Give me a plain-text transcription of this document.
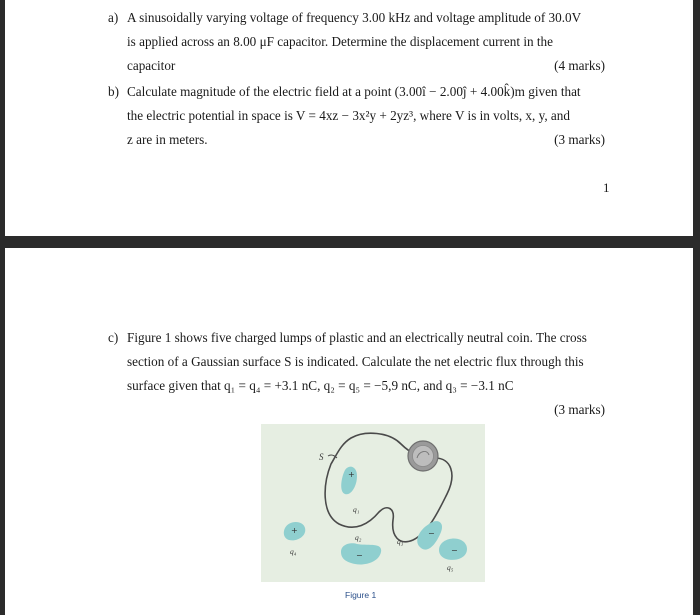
a) A sinusoidally varying voltage of frequency 3.00 kHz and voltage amplitude of 30.0V
is applied across an 8.00 μF capacitor. Determine the displacement current in the
capacitor	(4 marks)
b) Calculate magnitude of the electric field at a point (3.00î − 2.00ĵ + 4.00k̂)m given that
the electric potential in space is V = 4xz − 3x²y + 2yz³, where V is in volts, x, y, and
z are in meters.	(3 marks)
1
c) Figure 1 shows five charged lumps of plastic and an electrically neutral coin. The cross
section of a Gaussian surface S is indicated. Calculate the net electric flux through this
surface given that q₁ = q₄ = +3.1 nC, q₂ = q₅ = −5,9 nC, and q₃ = −3.1 nC
(3 marks)
S
+
q₁
−
q₃
+
q₄	−
q₂
−
q₅
Figure 1
